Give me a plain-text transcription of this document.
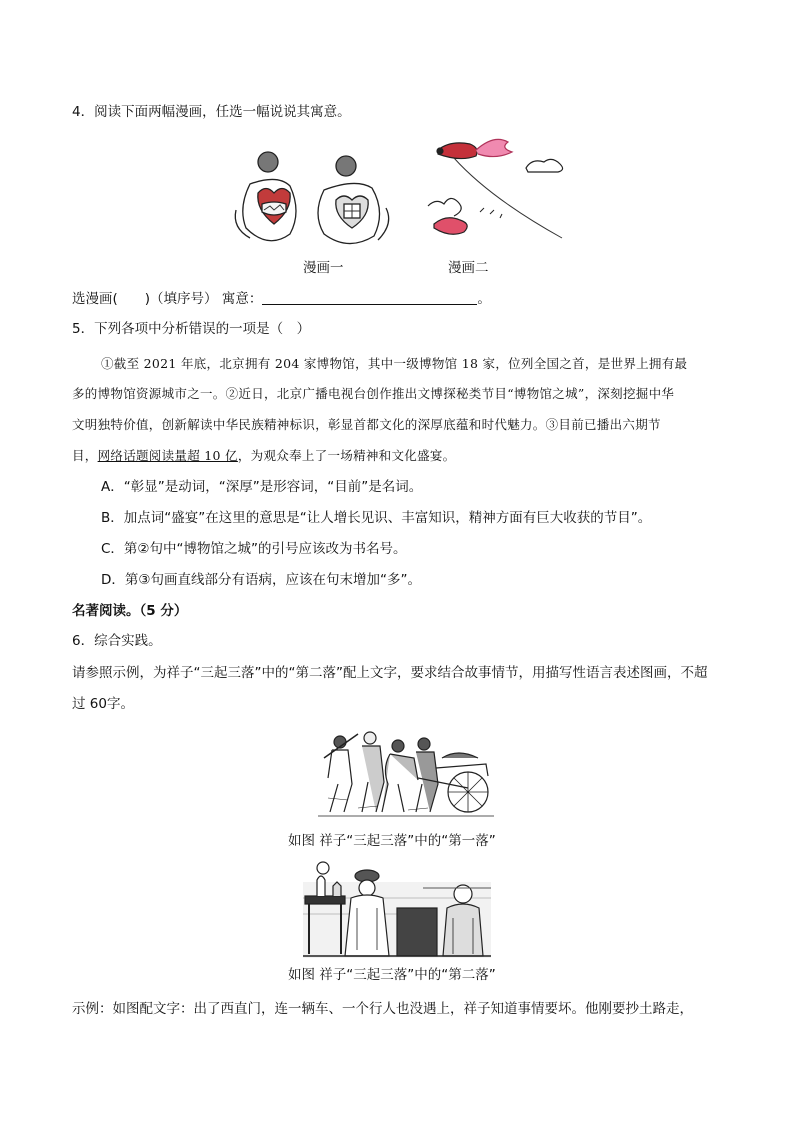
4．阅读下面两幅漫画，任选一幅说说其寓意。
漫画一	漫画二
选漫画(　　)（填序号） 寓意：	。
5．下列各项中分析错误的一项是（　）
①截至 2021 年底，北京拥有 204 家博物馆，其中一级博物馆 18 家，位列全国之首，是世界上拥有最
多的博物馆资源城市之一。②近日，北京广播电视台创作推出文博探秘类节目“博物馆之城”，深刻挖掘中华
文明独特价值，创新解读中华民族精神标识，彰显首都文化的深厚底蕴和时代魅力。③目前已播出六期节
目，网络话题阅读量超 10 亿，为观众奉上了一场精神和文化盛宴。
A．“彰显”是动词，“深厚”是形容词，“目前”是名词。
B．加点词“盛宴”在这里的意思是“让人增长见识、丰富知识，精神方面有巨大收获的节目”。
C．第②句中“博物馆之城”的引号应该改为书名号。
D．第③句画直线部分有语病，应该在句末增加“多”。
名著阅读。（5 分）
6．综合实践。
请参照示例，为祥子“三起三落”中的“第二落”配上文字，要求结合故事情节，用描写性语言表述图画，不超
过 60字。
如图 祥子“三起三落”中的“第一落”
如图 祥子“三起三落”中的“第二落”
示例：如图配文字：出了西直门，连一辆车、一个行人也没遇上，祥子知道事情要坏。他刚要抄土路走，
